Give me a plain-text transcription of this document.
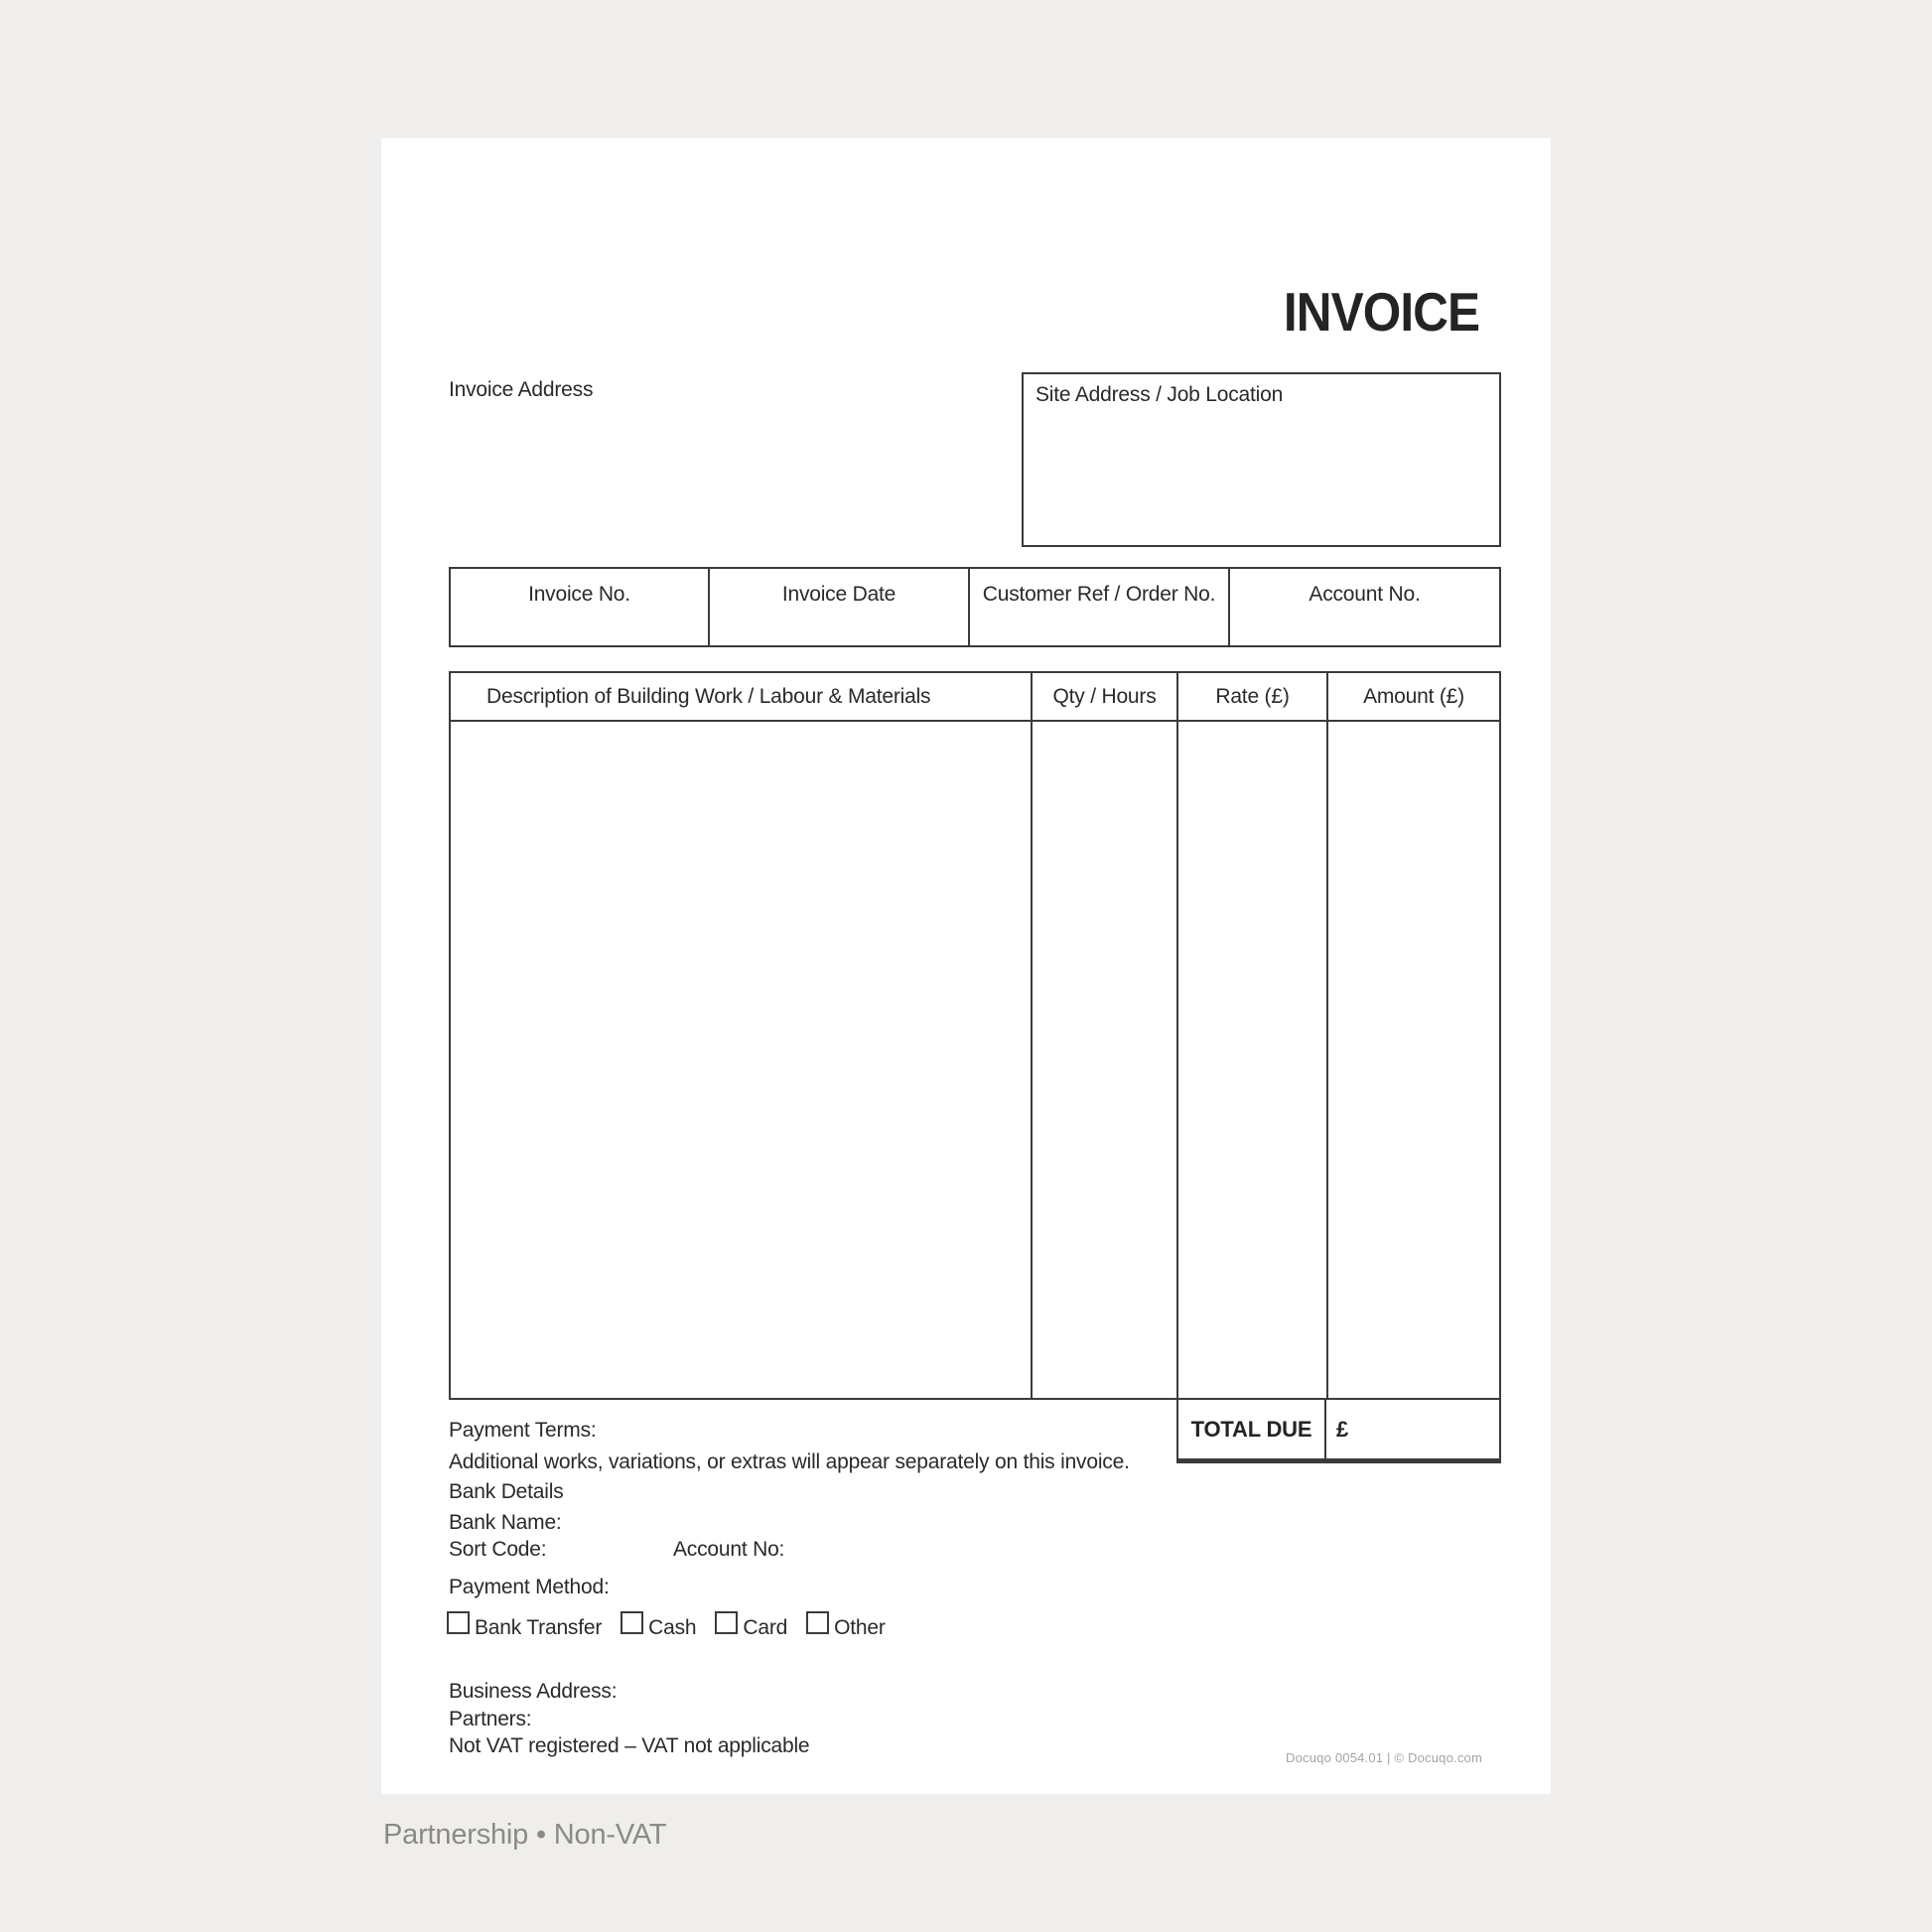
INVOICE
Invoice Address	Site Address / Job Location
Invoice No.	Invoice Date	Customer Ref / Order No.	Account No.
Description of Building Work / Labour & Materials	Qty / Hours	Rate (£)	Amount (£)
TOTAL DUE	£
Payment Terms:
Additional works, variations, or extras will appear separately on this invoice.
Bank Details
Bank Name:
Sort Code:	Account No:
Payment Method:
Bank Transfer Cash Card Other
Business Address:
Partners:
Not VAT registered – VAT not applicable
Docuqo 0054.01 | © Docuqo.com
Partnership • Non-VAT
